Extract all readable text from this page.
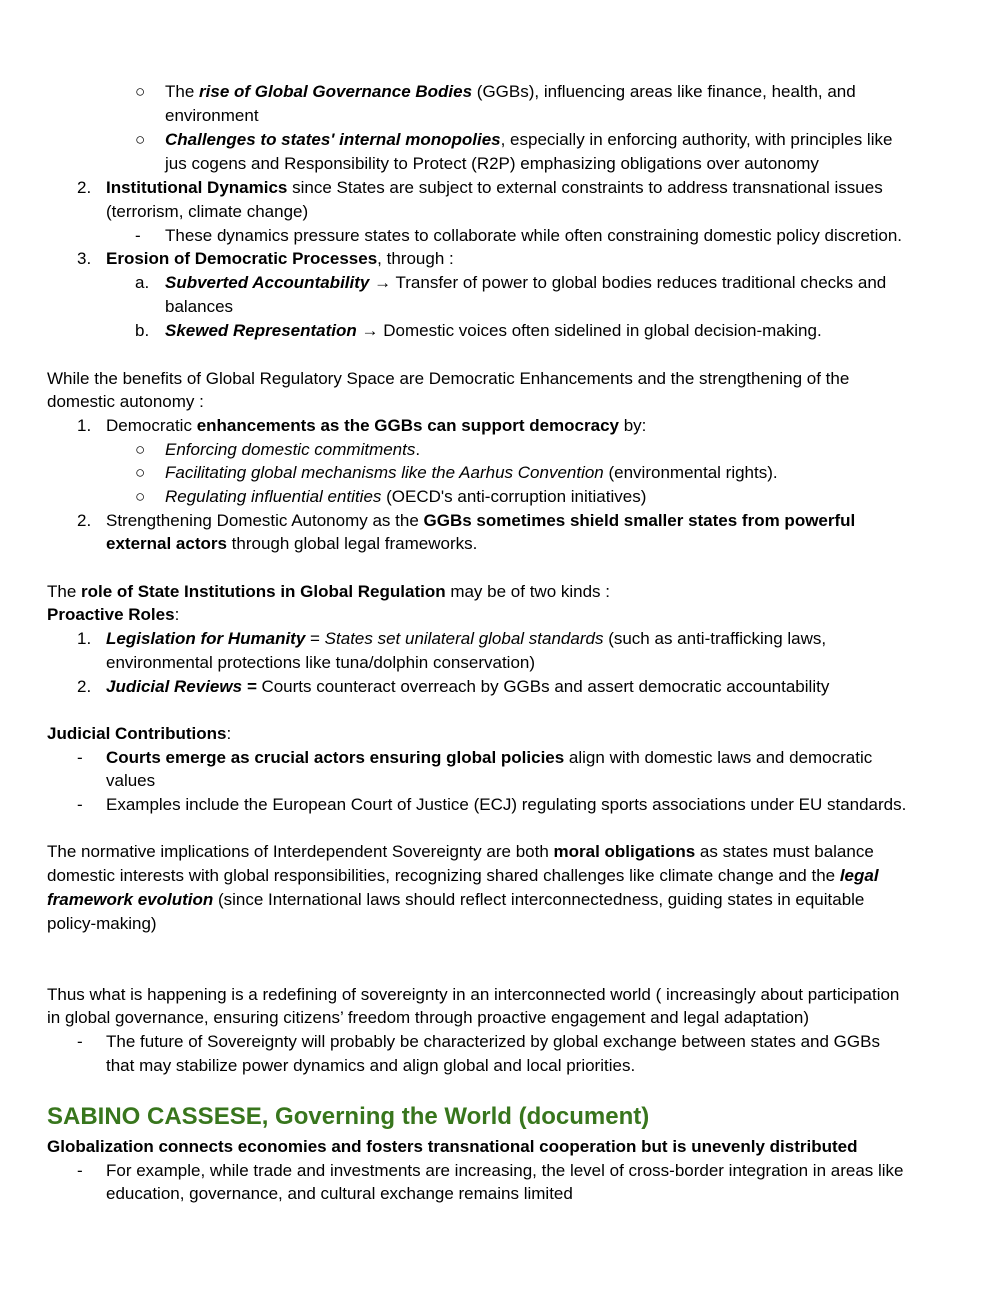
○ The rise of Global Governance Bodies (GGBs), influencing areas like finance, health, and
environment
○ Challenges to states' internal monopolies, especially in enforcing authority, with principles like
jus cogens and Responsibility to Protect (R2P) emphasizing obligations over autonomy
2. Institutional Dynamics since States are subject to external constraints to address transnational issues
(terrorism, climate change)
- These dynamics pressure states to collaborate while often constraining domestic policy discretion.
3. Erosion of Democratic Processes, through :
a. Subverted Accountability → Transfer of power to global bodies reduces traditional checks and
balances
b. Skewed Representation → Domestic voices often sidelined in global decision-making.
While the benefits of Global Regulatory Space are Democratic Enhancements and the strengthening of the
domestic autonomy :
1. Democratic enhancements as the GGBs can support democracy by:
○ Enforcing domestic commitments.
○ Facilitating global mechanisms like the Aarhus Convention (environmental rights).
○ Regulating influential entities (OECD's anti-corruption initiatives)
2. Strengthening Domestic Autonomy as the GGBs sometimes shield smaller states from powerful
external actors through global legal frameworks.
The role of State Institutions in Global Regulation may be of two kinds :
Proactive Roles:
1. Legislation for Humanity = States set unilateral global standards (such as anti-trafficking laws,
environmental protections like tuna/dolphin conservation)
2. Judicial Reviews = Courts counteract overreach by GGBs and assert democratic accountability
Judicial Contributions:
- Courts emerge as crucial actors ensuring global policies align with domestic laws and democratic
values
- Examples include the European Court of Justice (ECJ) regulating sports associations under EU standards.
The normative implications of Interdependent Sovereignty are both moral obligations as states must balance
domestic interests with global responsibilities, recognizing shared challenges like climate change and the legal
framework evolution (since International laws should reflect interconnectedness, guiding states in equitable
policy-making)
Thus what is happening is a redefining of sovereignty in an interconnected world ( increasingly about participation
in global governance, ensuring citizens’ freedom through proactive engagement and legal adaptation)
- The future of Sovereignty will probably be characterized by global exchange between states and GGBs
that may stabilize power dynamics and align global and local priorities.
SABINO CASSESE, Governing the World (document)
Globalization connects economies and fosters transnational cooperation but is unevenly distributed
- For example, while trade and investments are increasing, the level of cross-border integration in areas like
education, governance, and cultural exchange remains limited
